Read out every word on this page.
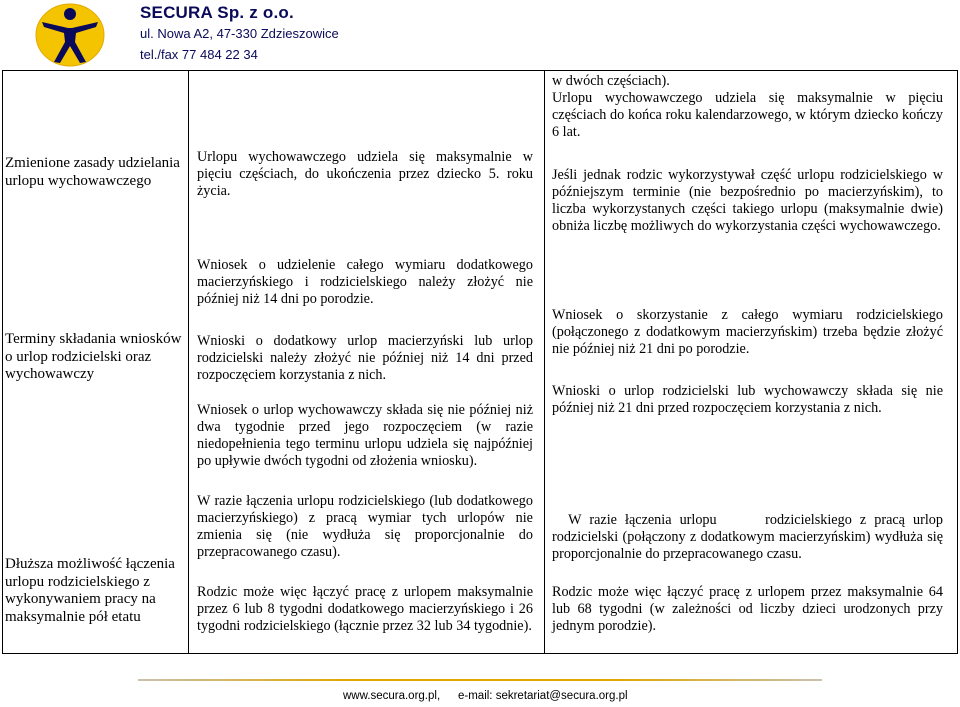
SECURA Sp. z o.o.
ul. Nowa A2, 47-330 Zdzieszowice
tel./fax 77 484 22 34
Zmienione zasady udzielania urlopu wychowawczego
Terminy składania wniosków o urlop rodzicielski oraz wychowawczy
Dłuższa możliwość łączenia urlopu rodzicielskiego z wykonywaniem pracy na maksymalnie pół etatu

Urlopu wychowawczego udziela się maksymalnie w pięciu częściach, do ukończenia przez dziecko 5. roku życia.

Wniosek o udzielenie całego wymiaru dodatkowego macierzyńskiego i rodzicielskiego należy złożyć nie później niż 14 dni po porodzie.

Wnioski o dodatkowy urlop macierzyński lub urlop rodzicielski należy złożyć nie później niż 14 dni przed rozpoczęciem korzystania z nich.

Wniosek o urlop wychowawczy składa się nie później niż dwa tygodnie przed jego rozpoczęciem (w razie niedopełnienia tego terminu urlopu udziela się najpóźniej po upływie dwóch tygodni od złożenia wniosku).

W razie łączenia urlopu rodzicielskiego (lub dodatkowego macierzyńskiego) z pracą wymiar tych urlopów nie zmienia się (nie wydłuża się proporcjonalnie do przepracowanego czasu).

Rodzic może więc łączyć pracę z urlopem maksymalnie przez 6 lub 8 tygodni dodatkowego macierzyńskiego i 26 tygodni rodzicielskiego (łącznie przez 32 lub 34 tygodnie).

w dwóch częściach).

Urlopu wychowawczego udziela się maksymalnie w pięciu częściach do końca roku kalendarzowego, w którym dziecko kończy 6 lat.

Jeśli jednak rodzic wykorzystywał część urlopu rodzicielskiego w późniejszym terminie (nie bezpośrednio po macierzyńskim), to liczba wykorzystanych części takiego urlopu (maksymalnie dwie) obniża liczbę możliwych do wykorzystania części wychowawczego.

Wniosek o skorzystanie z całego wymiaru rodzicielskiego (połączonego z dodatkowym macierzyńskim) trzeba będzie złożyć nie później niż 21 dni po porodzie.

Wnioski o urlop rodzicielski lub wychowawczy składa się nie później niż 21 dni przed rozpoczęciem korzystania z nich.

W razie łączenia urlopu      rodzicielskiego z pracą urlop rodzicielski (połączony z dodatkowym macierzyńskim) wydłuża się proporcjonalnie do przepracowanego czasu.

Rodzic może więc łączyć pracę z urlopem przez maksymalnie 64 lub 68 tygodni (w zależności od liczby dzieci urodzonych przy jednym porodzie).

www.secura.org.pl, e-mail: sekretariat@secura.org.pl
